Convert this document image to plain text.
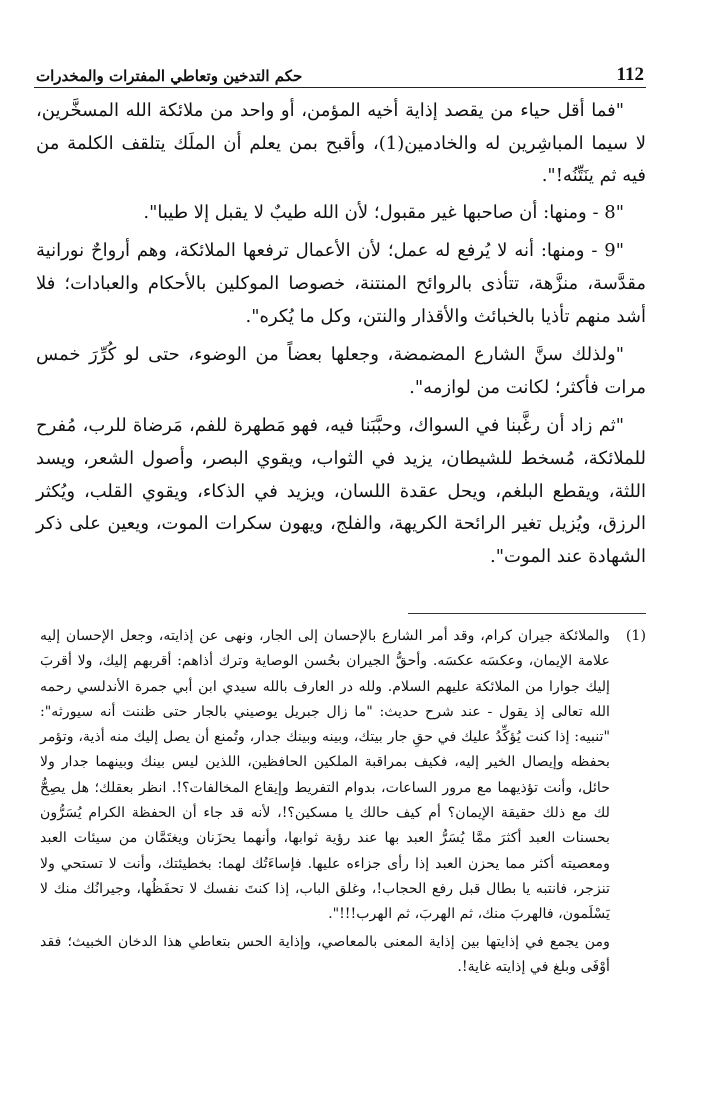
حكم التدخين وتعاطي المفترات والمخدرات	112

"فما أقل حياء من يقصد إذاية أخيه المؤمن، أو واحد من ملائكة الله المسخَّرين، لا سيما المباشِرين له والخادمين(1)، وأقبح بمن يعلم أن الملَك يتلقف الكلمة من فيه ثم ينَتِّنُه!".

"8 - ومنها: أن صاحبها غير مقبول؛ لأن الله طيبٌ لا يقبل إلا طيبا".

"9 - ومنها: أنه لا يُرفع له عمل؛ لأن الأعمال ترفعها الملائكة، وهم أرواحٌ نورانية مقدَّسة، منزَّهة، تتأذى بالروائح المنتنة، خصوصا الموكلين بالأحكام والعبادات؛ فلا أشد منهم تأذيا بالخبائث والأقذار والنتن، وكل ما يُكره".

"ولذلك سنَّ الشارع المضمضة، وجعلها بعضاً من الوضوء، حتى لو كُرِّرَ خمس مرات فأكثر؛ لكانت من لوازمه".

"ثم زاد أن رغَّبنا في السواك، وحبَّبَنا فيه، فهو مَطهرة للفم، مَرضاة للرب، مُفرح للملائكة، مُسخط للشيطان، يزيد في الثواب، ويقوي البصر، وأصول الشعر، ويسد اللثة، ويقطع البلغم، ويحل عقدة اللسان، ويزيد في الذكاء، ويقوي القلب، ويُكثر الرزق، ويُزيل تغير الرائحة الكريهة، والفلج، ويهون سكرات الموت، ويعين على ذكر الشهادة عند الموت".

(1)
والملائكة جيران كرام، وقد أمر الشارع بالإحسان إلى الجار، ونهى عن إذايته، وجعل الإحسان إليه علامة الإيمان، وعكسَه عكسَه. وأحقُّ الجيران بحُسن الوصاية وترك أذاهم: أقربهم إليك، ولا أقربَ إليك جوارا من الملائكة عليهم السلام. ولله در العارف بالله سيدي ابن أبي جمرة الأندلسي رحمه الله تعالى إذ يقول - عند شرح حديث: "ما زال جبريل يوصيني بالجار حتى ظننت أنه سيورثه": "تنبيه: إذا كنت يُؤكِّدُ عليك في حقِ جار بيتك، وبينه وبينك جدار، وتُمنع أن يصل إليك منه أذية، وتؤمر بحفظه وإيصال الخير إليه، فكيف بمراقبة الملكين الحافظين، اللذين ليس بينك وبينهما جدار ولا حائل، وأنت تؤذيهما مع مرور الساعات، بدوام التفريط وإيقاع المخالفات؟!. انظر بعقلك؛ هل يصِحُّ لك مع ذلك حقيقة الإيمان؟ أم كيف حالك يا مسكين؟!، لأنه قد جاء أن الحفظة الكرام يُسَرُّون بحسنات العبد أكثرَ ممَّا يُسَرُّ العبد بها عند رؤية ثوابها، وأنهما يحزَنان ويغتَمَّان من سيئات العبد ومعصيته أكثر مما يحزن العبد إذا رأى جزاءه عليها. فإساءَتُك لهما: بخطيئتك، وأنت لا تستحي ولا تنزجر، فانتبه يا بطال قبل رفع الحجاب!، وغلق الباب، إذا كنتَ نفسك لا تحفَظُها، وجيرانُك منك لا يَسْلَمون، فالهربَ منك، ثم الهربَ، ثم الهرب!!!".

ومن يجمع في إذايتها بين إذاية المعنى بالمعاصي، وإذاية الحس بتعاطي هذا الدخان الخبيث؛ فقد أوْفَى وبلغ في إذايته غاية!.
